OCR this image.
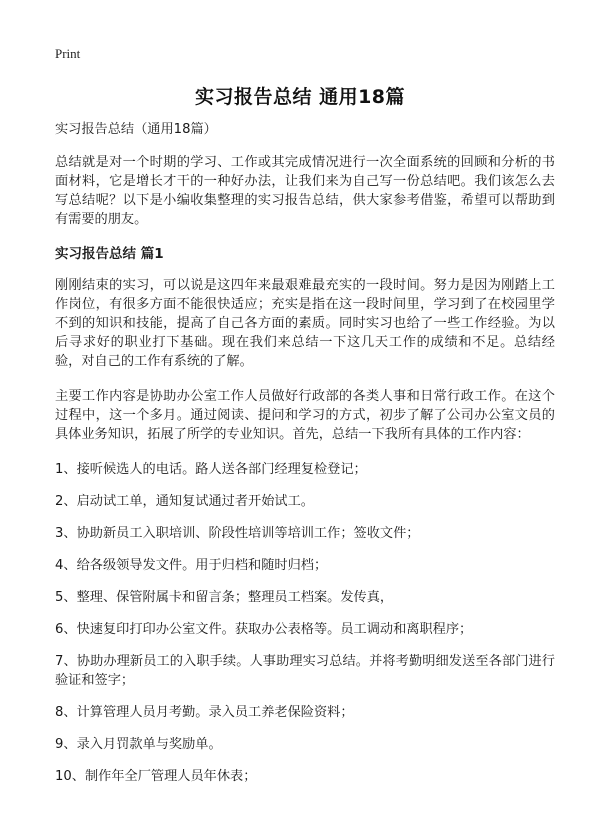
Print
实习报告总结 通用18篇

实习报告总结（通用18篇）

总结就是对一个时期的学习、工作或其完成情况进行一次全面系统的回顾和分析的书面材料，它是增长才干的一种好办法，让我们来为自己写一份总结吧。我们该怎么去写总结呢？以下是小编收集整理的实习报告总结，供大家参考借鉴，希望可以帮助到有需要的朋友。

实习报告总结 篇1

刚刚结束的实习，可以说是这四年来最艰难最充实的一段时间。努力是因为刚踏上工作岗位，有很多方面不能很快适应；充实是指在这一段时间里，学习到了在校园里学不到的知识和技能，提高了自己各方面的素质。同时实习也给了一些工作经验。为以后寻求好的职业打下基础。现在我们来总结一下这几天工作的成绩和不足。总结经验，对自己的工作有系统的了解。

主要工作内容是协助办公室工作人员做好行政部的各类人事和日常行政工作。在这个过程中，这一个多月。通过阅读、提问和学习的方式，初步了解了公司办公室文员的具体业务知识，拓展了所学的专业知识。首先，总结一下我所有具体的工作内容：

1、接听候选人的电话。路人送各部门经理复检登记；

2、启动试工单，通知复试通过者开始试工。

3、协助新员工入职培训、阶段性培训等培训工作；签收文件；

4、给各级领导发文件。用于归档和随时归档；

5、整理、保管附属卡和留言条；整理员工档案。发传真，

6、快速复印打印办公室文件。获取办公表格等。员工调动和离职程序；

7、协助办理新员工的入职手续。人事助理实习总结。并将考勤明细发送至各部门进行验证和签字；

8、计算管理人员月考勤。录入员工养老保险资料；

9、录入月罚款单与奖励单。

10、制作年全厂管理人员年休表；
